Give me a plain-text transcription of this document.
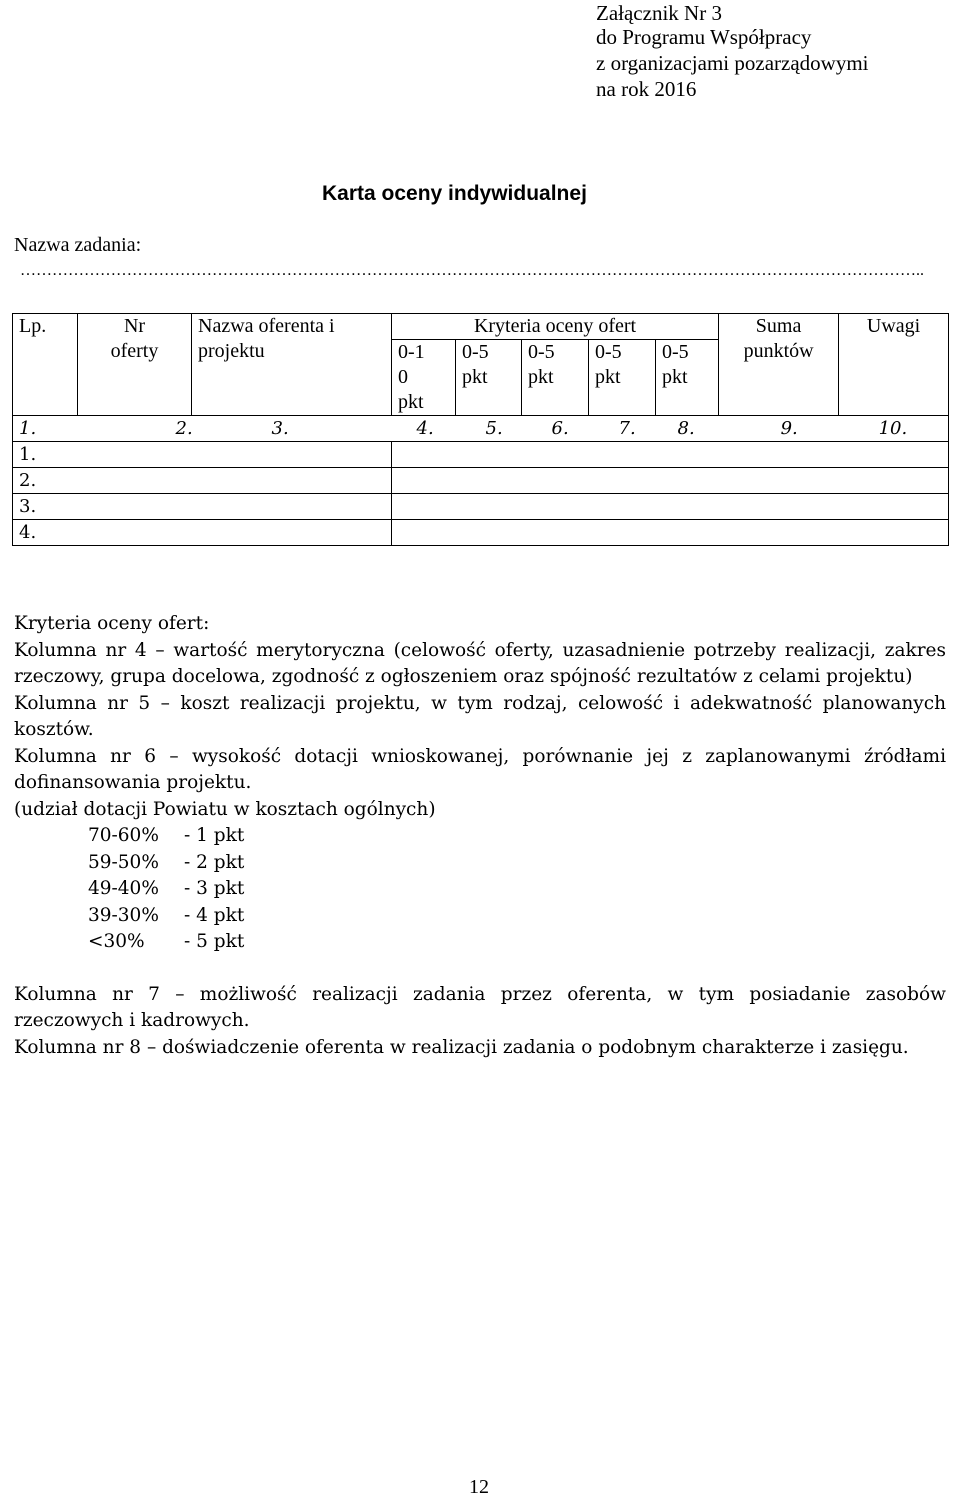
Załącznik Nr 3
do Programu Współpracy
z organizacjami pozarządowymi
na rok 2016
Karta oceny indywidualnej
Nazwa zadania:
……………………………………………………………………………………………………………………………………………………..
Lp.	Nr oferty	Nazwa oferenta i projektu	Kryteria oceny ofert					Suma punktów	Uwagi

			0-1 0 pkt	0-5 pkt	0-5 pkt	0-5 pkt	0-5 pkt		

1.	2.	3.	4.	5.	6.	7.	8.	9.	10.
1.									
2.									
3.									
4.									

Kryteria oceny ofert:

Kolumna nr 4 – wartość merytoryczna (celowość oferty, uzasadnienie potrzeby realizacji, zakres rzeczowy, grupa docelowa, zgodność z ogłoszeniem oraz spójność rezultatów z celami projektu)

Kolumna nr 5 – koszt realizacji projektu, w tym rodzaj, celowość i adekwatność planowanych kosztów.

Kolumna nr 6 – wysokość dotacji wnioskowanej, porównanie jej z zaplanowanymi źródłami dofinansowania projektu.

(udział dotacji Powiatu w kosztach ogólnych)

70-60% - 1 pkt
59-50% - 2 pkt
49-40% - 3 pkt
39-30% - 4 pkt
<30% - 5 pkt

Kolumna nr 7 – możliwość realizacji zadania przez oferenta, w tym posiadanie zasobów rzeczowych i kadrowych.

Kolumna nr 8 – doświadczenie oferenta w realizacji zadania o podobnym charakterze i zasięgu.

12
